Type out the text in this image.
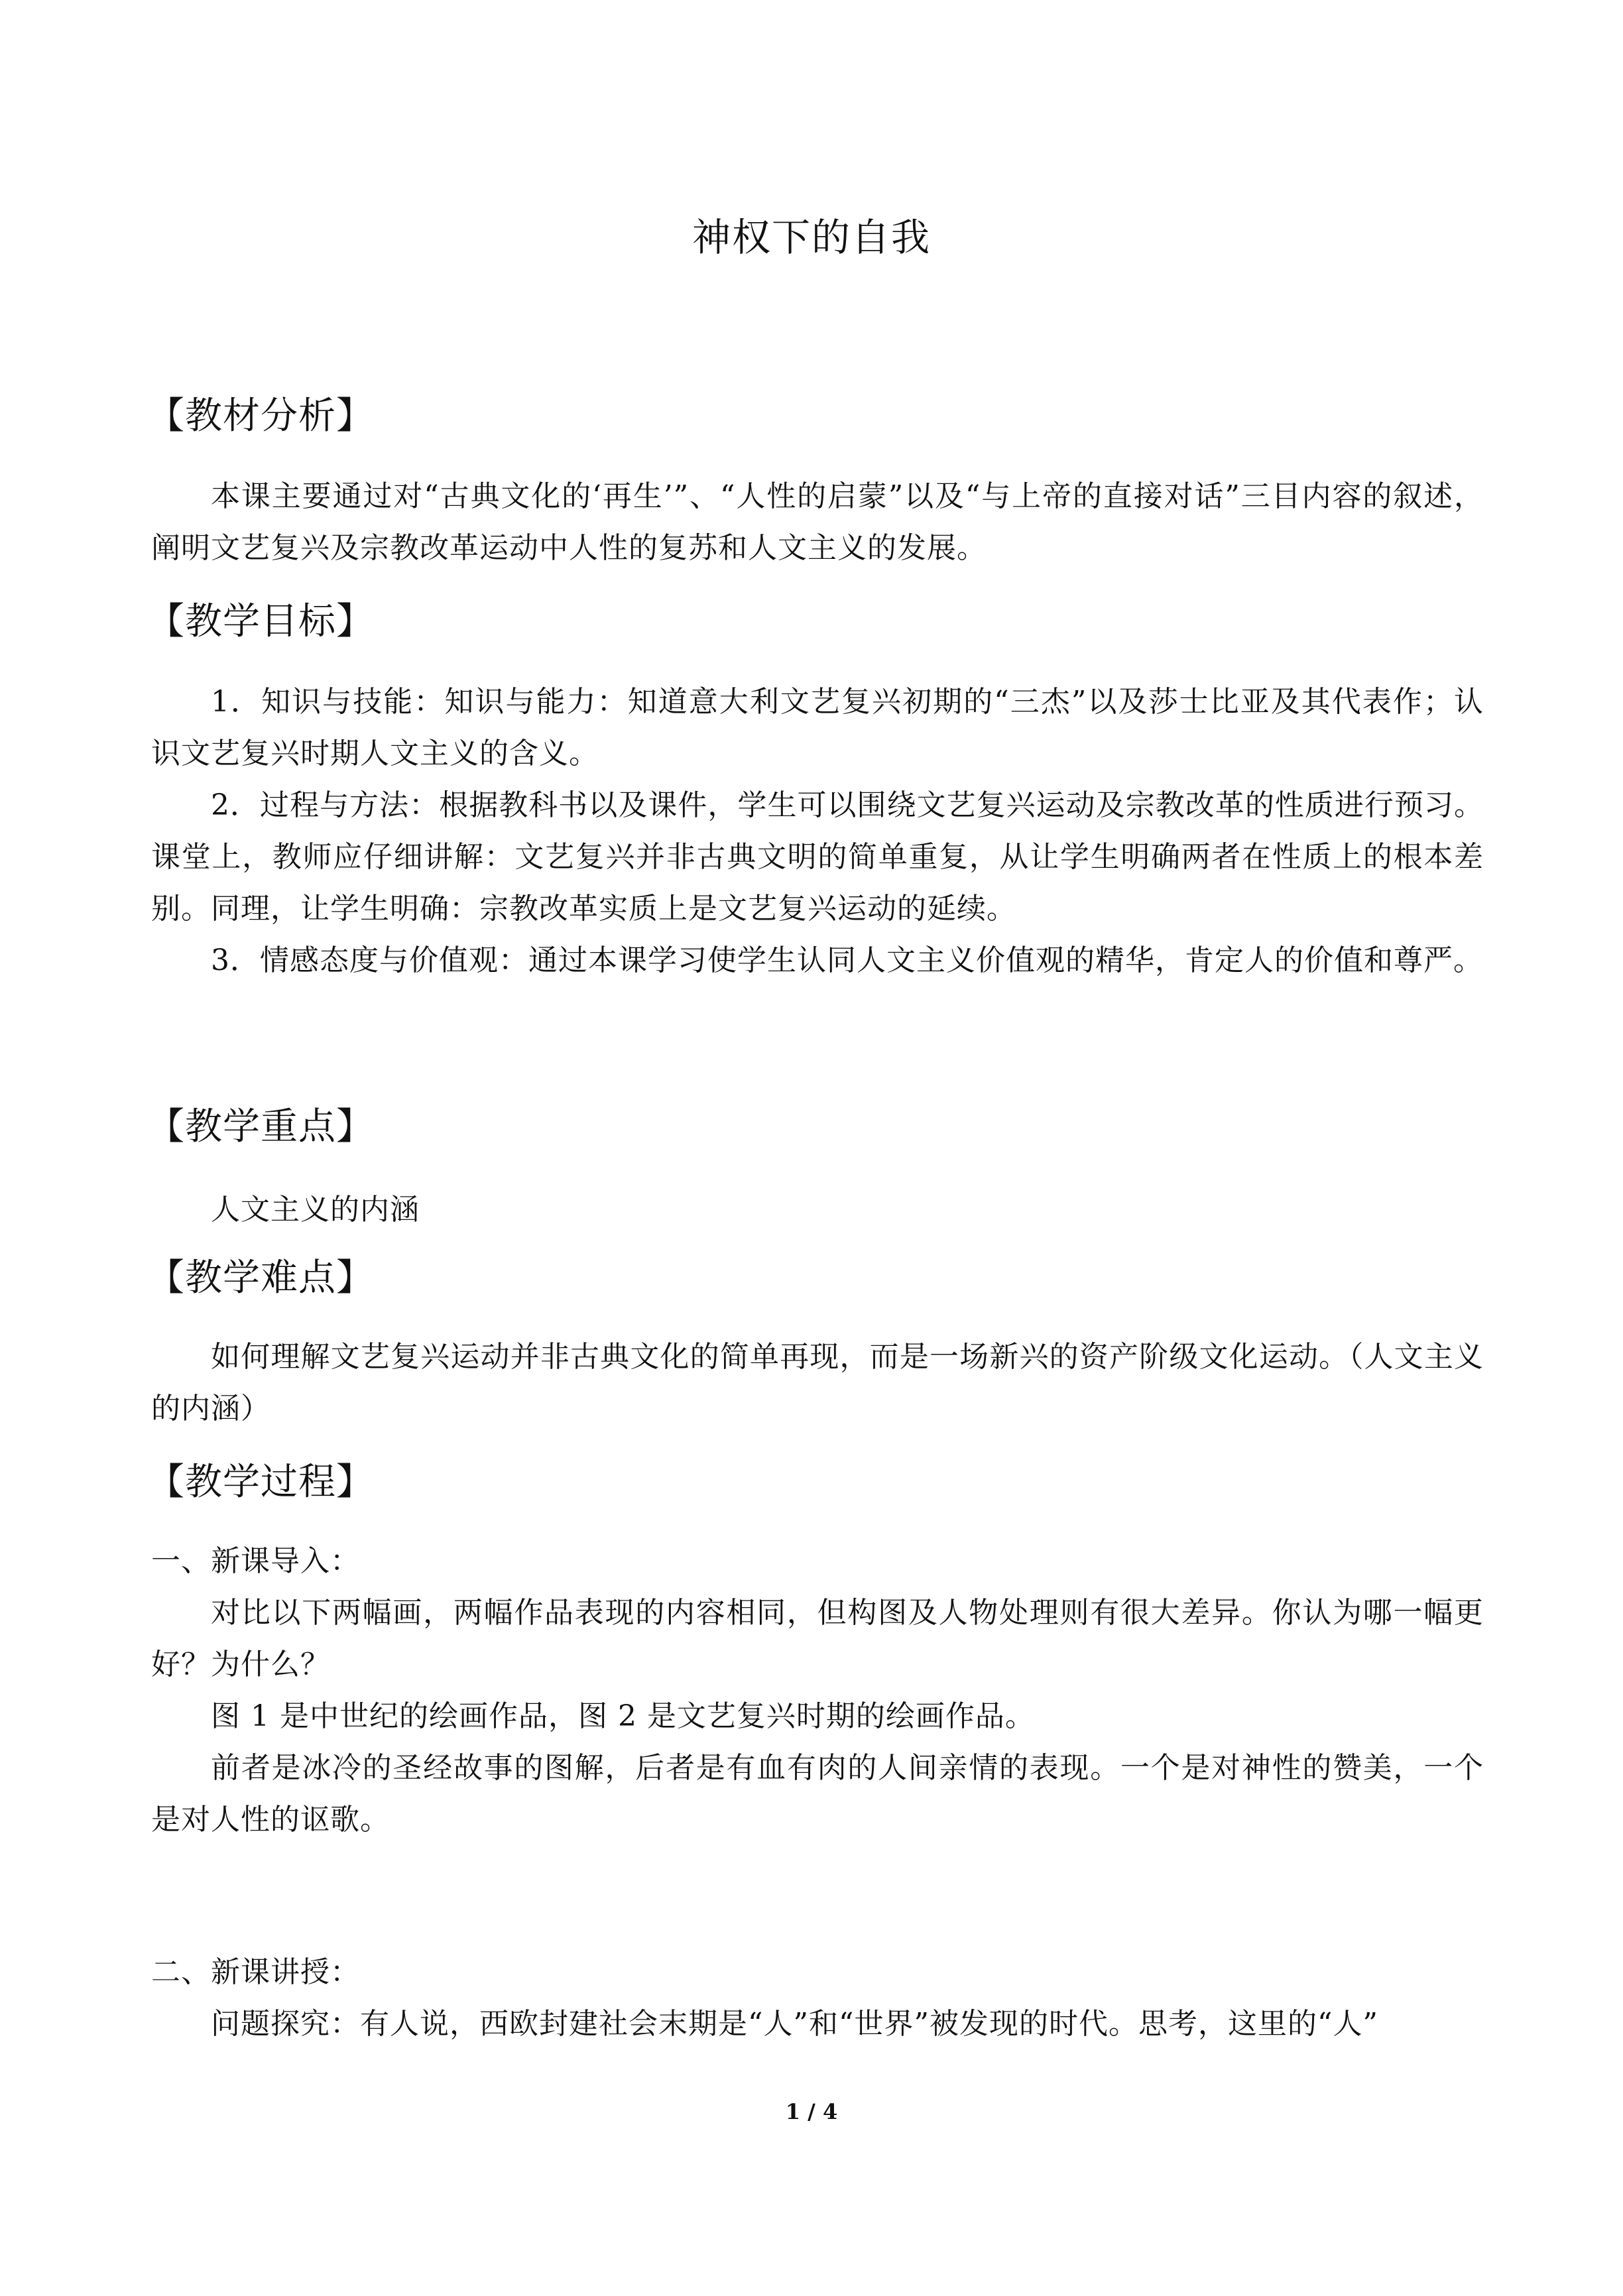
神权下的自我
【教材分析】
本课主要通过对“古典文化的‘再生’”、“人性的启蒙”以及“与上帝的直接对话”三目内容的叙述，阐明文艺复兴及宗教改革运动中人性的复苏和人文主义的发展。
【教学目标】
1．知识与技能：知识与能力：知道意大利文艺复兴初期的“三杰”以及莎士比亚及其代表作；认识文艺复兴时期人文主义的含义。
2．过程与方法：根据教科书以及课件，学生可以围绕文艺复兴运动及宗教改革的性质进行预习。课堂上，教师应仔细讲解：文艺复兴并非古典文明的简单重复，从让学生明确两者在性质上的根本差别。同理，让学生明确：宗教改革实质上是文艺复兴运动的延续。
3．情感态度与价值观：通过本课学习使学生认同人文主义价值观的精华，肯定人的价值和尊严。
【教学重点】
人文主义的内涵
【教学难点】
如何理解文艺复兴运动并非古典文化的简单再现，而是一场新兴的资产阶级文化运动。（人文主义的内涵）
【教学过程】
一、新课导入：
对比以下两幅画，两幅作品表现的内容相同，但构图及人物处理则有很大差异。你认为哪一幅更好？为什么？
图 1 是中世纪的绘画作品，图 2 是文艺复兴时期的绘画作品。
前者是冰冷的圣经故事的图解，后者是有血有肉的人间亲情的表现。一个是对神性的赞美，一个是对人性的讴歌。
二、新课讲授：
问题探究：有人说，西欧封建社会末期是“人”和“世界”被发现的时代。思考，这里的“人”
1 / 4
